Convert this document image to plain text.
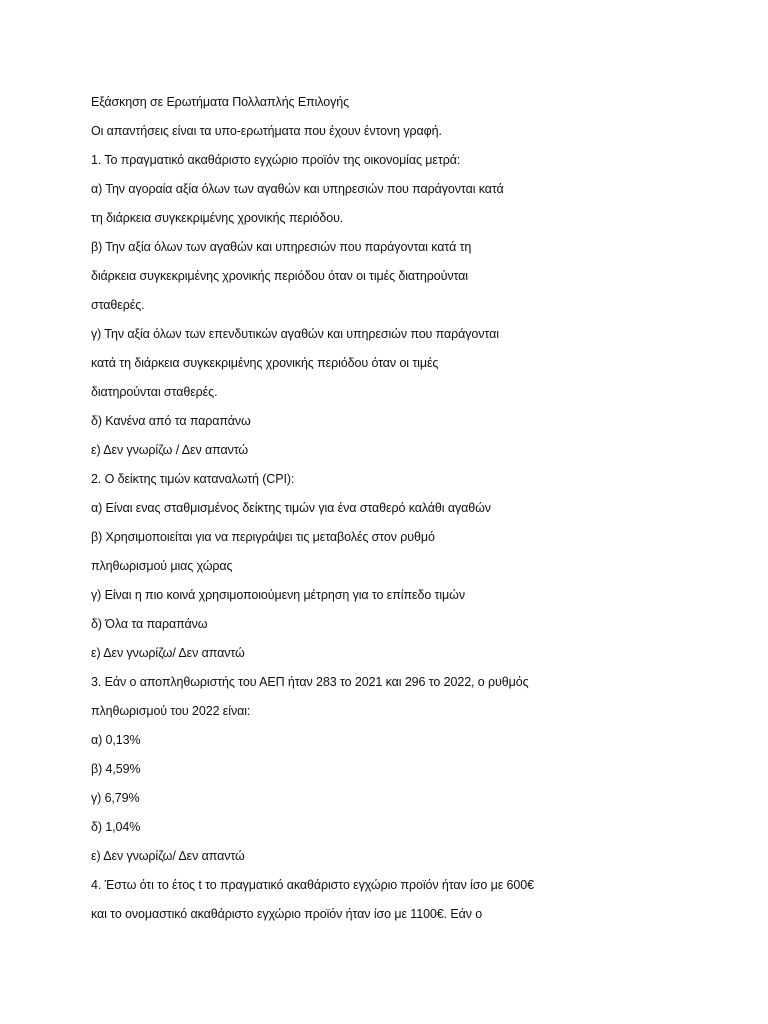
Εξάσκηση σε Ερωτήματα Πολλαπλής Επιλογής
Οι απαντήσεις είναι τα υπο-ερωτήματα που έχουν έντονη γραφή.
1. Το πραγματικό ακαθάριστο εγχώριο προϊόν της οικονομίας μετρά:
α) Την αγοραία αξία όλων των αγαθών και υπηρεσιών που παράγονται κατά
τη διάρκεια συγκεκριμένης χρονικής περιόδου.
β) Την αξία όλων των αγαθών και υπηρεσιών που παράγονται κατά τη
διάρκεια συγκεκριμένης χρονικής περιόδου όταν οι τιμές διατηρούνται
σταθερές.
γ) Την αξία όλων των επενδυτικών αγαθών και υπηρεσιών που παράγονται
κατά τη διάρκεια συγκεκριμένης χρονικής περιόδου όταν οι τιμές
διατηρούνται σταθερές.
δ) Κανένα από τα παραπάνω
ε) Δεν γνωρίζω / Δεν απαντώ
2. Ο δείκτης τιμών καταναλωτή (CPI):
α) Είναι ενας σταθμισμένος δείκτης τιμών για ένα σταθερό καλάθι αγαθών
β) Χρησιμοποιείται για να περιγράψει τις μεταβολές στον ρυθμό
πληθωρισμού μιας χώρας
γ) Είναι η πιο κοινά χρησιμοποιούμενη μέτρηση για το επίπεδο τιμών
δ) Όλα τα παραπάνω
ε) Δεν γνωρίζω/ Δεν απαντώ
3. Εάν ο αποπληθωριστής του ΑΕΠ ήταν 283 το 2021 και 296 το 2022, ο ρυθμός
πληθωρισμού του 2022 είναι:
α) 0,13%
β) 4,59%
γ) 6,79%
δ) 1,04%
ε) Δεν γνωρίζω/ Δεν απαντώ
4. Έστω ότι το έτος t το πραγματικό ακαθάριστο εγχώριο προϊόν ήταν ίσο με 600€
και το ονομαστικό ακαθάριστο εγχώριο προϊόν ήταν ίσο με 1100€. Εάν ο
